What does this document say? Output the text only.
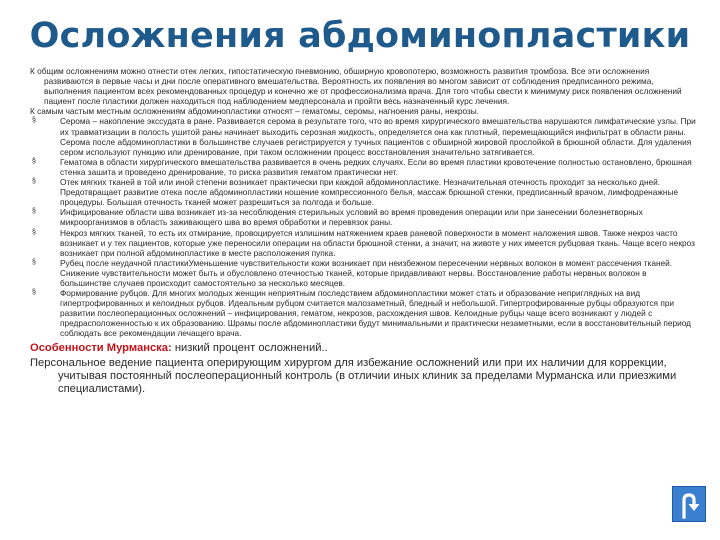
Осложнения абдоминопластики

К общим осложнениям можно отнести отек легких, гипостатическую пневмонию, обширную кровопотерю, возможность развития тромбоза. Все эти осложнения развиваются в первые часы и дни после оперативного вмешательства. Вероятность их появления во многом зависит от соблюдения предписанного режима, выполнения пациентом всех рекомендованных процедур и конечно же от профессионализма врача. Для того чтобы свести к минимуму риск появления осложнений пациент после пластики должен находиться под наблюдением медперсонала и пройти весь назначенный курс лечения.

К самым частым местным осложнениям абдоминопластики относят – гематомы, серомы, нагноения раны, некрозы.

§	Серома – накопление экссудата в ране. Развивается серома в результате того, что во время хирургического вмешательства нарушаются лимфатические узлы. При их травматизации в полость ушитой раны начинает выходить серозная жидкость, определяется она как плотный, перемещающийся инфильтрат в области раны. Серома после абдоминопластики в большинстве случаев регистрируется у тучных пациентов с обширной жировой прослойкой в брюшной области. Для удаления сером используют пункцию или дренирование, при таком осложнении процесс восстановления значительно затягивается.
§	Гематома в области хирургического вмешательства развивается в очень редких случаях. Если во время пластики кровотечение полностью остановлено, брюшная стенка зашита и проведено дренирование, то риска развития гематом практически нет.
§	Отек мягких тканей в той или иной степени возникает практически при каждой абдоминопластике. Незначительная отечность проходит за несколько дней. Предотвращает развитие отека после абдоминопластики ношение компрессионного белья, массаж брюшной стенки, предписанный врачом, лимфодренажные процедуры. Большая отечность тканей может разрешиться за полгода и больше.
§	Инфицирование области шва возникает из-за несоблюдения стерильных условий во время проведения операции или при занесении болезнетворных микроорганизмов в область заживающего шва во время обработки и перевязок раны.
§	Некроз мягких тканей, то есть их отмирание, провоцируется излишним натяжением краев раневой поверхности в момент наложения швов. Также некроз часто возникает и у тех пациентов, которые уже переносили операции на области брюшной стенки, а значит, на животе у них имеется рубцовая ткань. Чаще всего некроз возникает при полной абдоминопластике в месте расположения пупка.
§	Рубец после неудачной пластикиУменьшение чувствительности кожи возникает при неизбежном пересечении нервных волокон в момент рассечения тканей. Снижение чувствительности может быть и обусловлено отечностью тканей, которые придавливают нервы. Восстановление работы нервных волокон в большинстве случаев происходит самостоятельно за несколько месяцев.
§	Формирование рубцов. Для многих молодых женщин неприятным последствием абдоминопластики может стать и образование неприглядных на вид гипертрофированных и келоидных рубцов. Идеальным рубцом считается малозаметный, бледный и небольшой. Гипертрофированные рубцы образуются при развитии послеоперационных осложнений – инфицирования, гематом, некрозов, расхождения швов. Келоидные рубцы чаще всего возникают у людей с предрасположенностью к их образованию. Шрамы после абдоминопластики будут минимальными и практически незаметными, если в восстановительный период соблюдать все рекомендации лечащего врача.
Особенности Мурманска: низкий процент осложнений..

Персональное ведение пациента оперирующим хирургом для избежание осложнений или при их наличии для коррекции, учитывая постоянный послеоперационный контроль (в отличии иных клиник за пределами Мурманска или приезжими специалистами).
